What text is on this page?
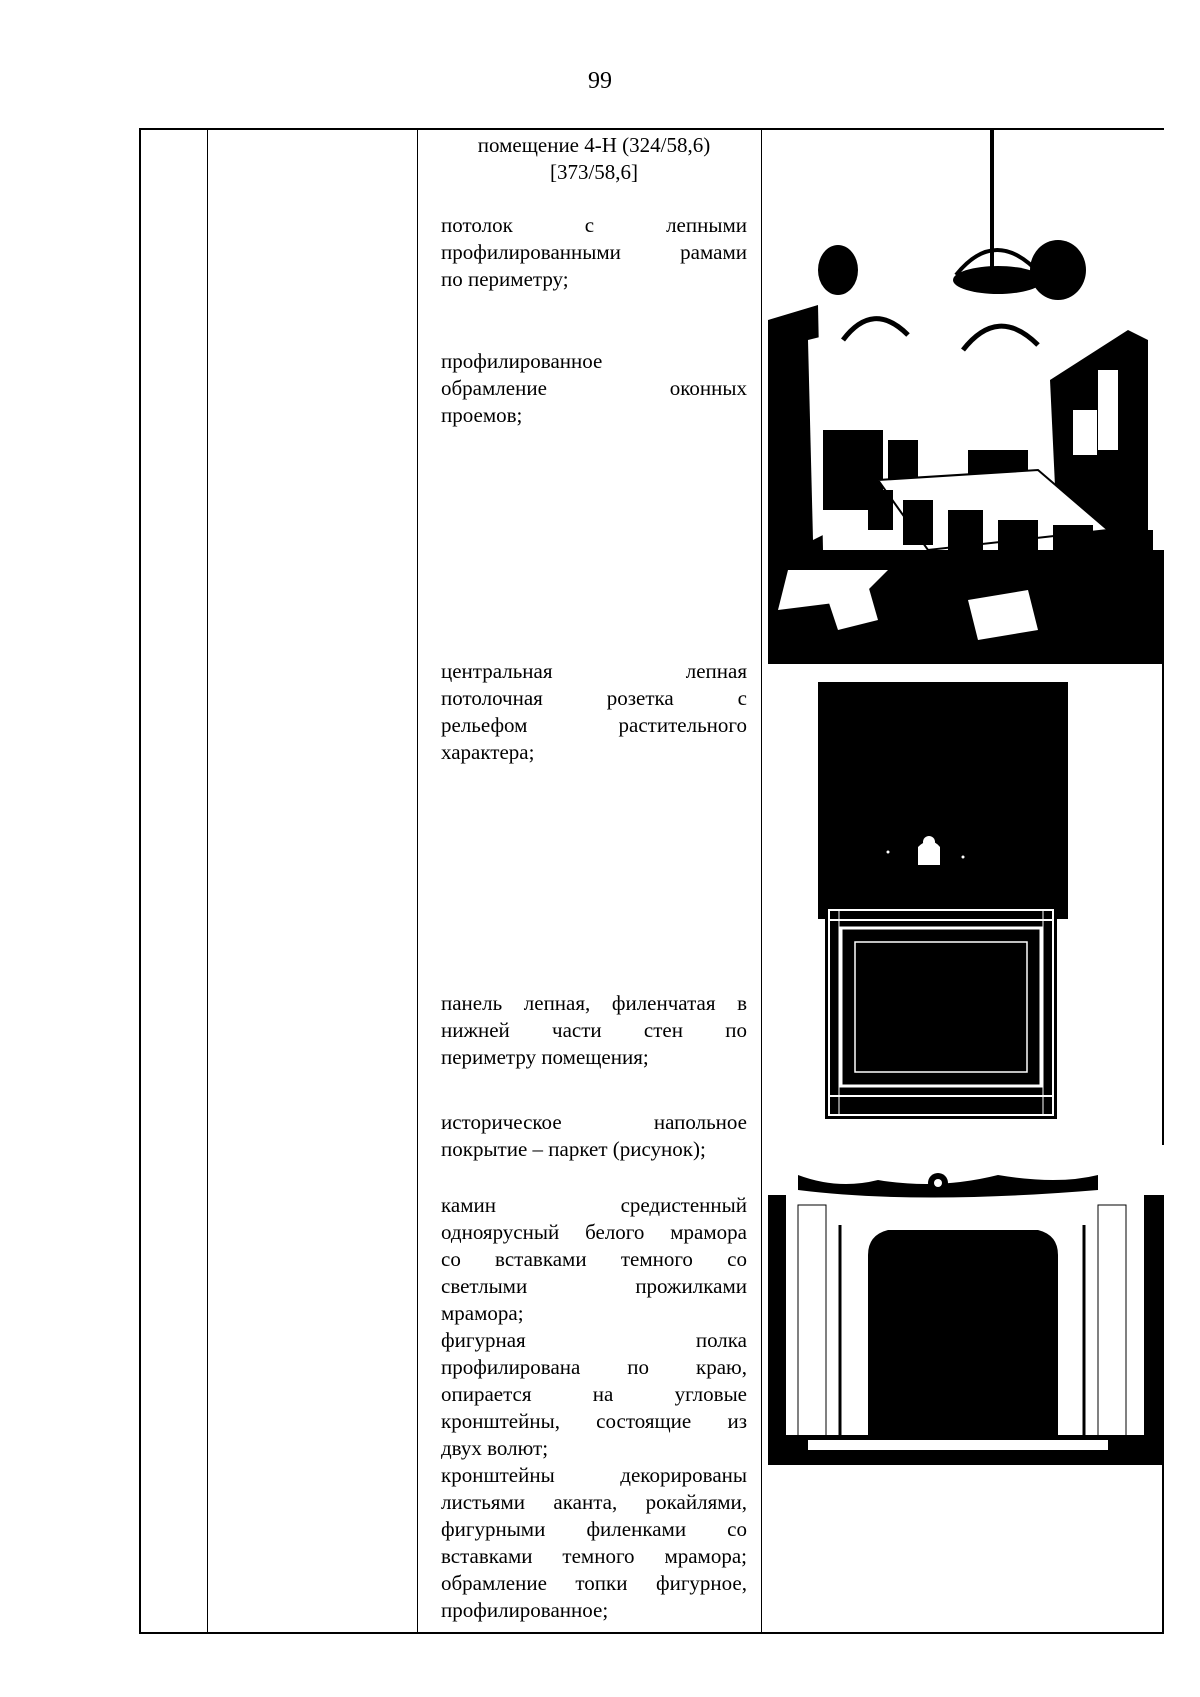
99
помещение 4-Н (324/58,6)
[373/58,6]
потолок с лепными
профилированными рамами
по периметру;
профилированное
обрамление оконных
проемов;
центральная лепная
потолочная розетка с
рельефом растительного
характера;
панель лепная, филенчатая в
нижней части стен по
периметру помещения;
историческое напольное
покрытие – паркет (рисунок);
камин средистенный
одноярусный белого мрамора
со вставками темного со
светлыми прожилками
мрамора;
фигурная полка
профилирована по краю,
опирается на угловые
кронштейны, состоящие из
двух волют;
кронштейны декорированы
листьями аканта, рокайлями,
фигурными филенками со
вставками темного мрамора;
обрамление топки фигурное,
профилированное;
